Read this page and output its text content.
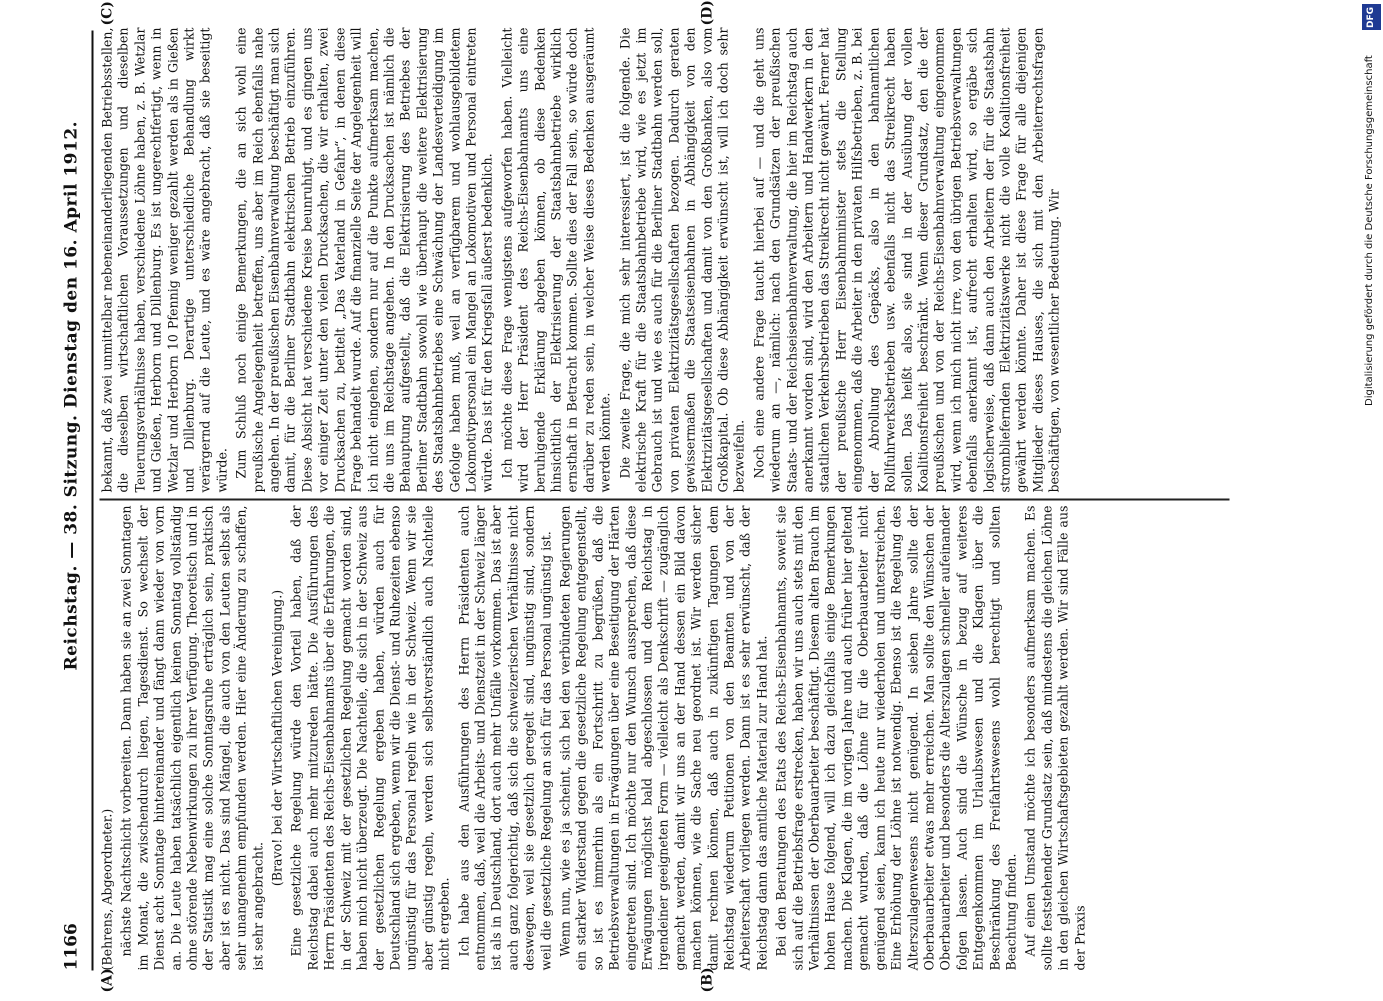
1166
Reichstag. — 38. Sitzung. Dienstag den 16. April 1912.
(A)	(B)
(C)	(D)

(Behrens, Abgeordneter.) nächste Nachtschicht vorbereiten. Dann haben sie an zwei Sonntagen im Monat, die zwischendurch liegen, Tagesdienst. So wechselt der Dienst acht Sonntage hintereinander und fängt dann wieder von vorn an. Die Leute haben tatsächlich eigentlich keinen Sonntag vollständig ohne störende Nebenwirkungen zu ihrer Verfügung. Theoretisch und in der Statistik mag eine solche Sonntagsruhe erträglich sein, praktisch aber ist es nicht. Das sind Mängel, die auch von den Leuten selbst als sehr unangenehm empfunden werden. Hier eine Änderung zu schaffen, ist sehr angebracht.

(Bravo! bei der Wirtschaftlichen Vereinigung.) Eine gesetzliche Regelung würde den Vorteil haben, daß der Reichstag dabei auch mehr mitzureden hätte. Die Ausführungen des Herrn Präsidenten des Reichs-Eisenbahnamts über die Erfahrungen, die in der Schweiz mit der gesetzlichen Regelung gemacht worden sind, haben mich nicht überzeugt. Die Nachteile, die sich in der Schweiz aus der gesetzlichen Regelung ergeben haben, würden auch für Deutschland sich ergeben, wenn wir die Dienst- und Ruhezeiten ebenso ungünstig für das Personal regeln wie in der Schweiz. Wenn wir sie aber günstig regeln, werden sich selbstverständlich auch Nachteile nicht ergeben. Ich habe aus den Ausführungen des Herrn Präsidenten auch entnommen, daß, weil die Arbeits- und Dienstzeit in der Schweiz länger ist als in Deutschland, dort auch mehr Unfälle vorkommen. Das ist aber auch ganz folgerichtig, daß sich die schweizerischen Verhältnisse nicht deswegen, weil sie gesetzlich geregelt sind, ungünstig sind, sondern weil die gesetzliche Regelung an sich für das Personal ungünstig ist. Wenn nun, wie es ja scheint, sich bei den verbündeten Regierungen ein starker Widerstand gegen die gesetzliche Regelung entgegenstellt, so ist es immerhin als ein Fortschritt zu begrüßen, daß die Betriebsverwaltungen in Erwägungen über eine Beseitigung der Härten eingetreten sind. Ich möchte nur den Wunsch aussprechen, daß diese Erwägungen möglichst bald abgeschlossen und dem Reichstag in irgendeiner geeigneten Form — vielleicht als Denkschrift — zugänglich gemacht werden, damit wir uns an der Hand dessen ein Bild davon machen können, wie die Sache neu geordnet ist. Wir werden sicher damit rechnen können, daß auch in zukünftigen Tagungen dem Reichstag wiederum Petitionen von den Beamten und von der Arbeiterschaft vorliegen werden. Dann ist es sehr erwünscht, daß der Reichstag dann das amtliche Material zur Hand hat. Bei den Beratungen des Etats des Reichs-Eisenbahnamts, soweit sie sich auf die Betriebsfrage erstrecken, haben wir uns auch stets mit den Verhältnissen der Oberbauarbeiter beschäftigt. Diesem alten Brauch im hohen Hause folgend, will ich dazu gleichfalls einige Bemerkungen machen. Die Klagen, die im vorigen Jahre und auch früher hier geltend gemacht wurden, daß die Löhne für die Oberbauarbeiter nicht genügend seien, kann ich heute nur wiederholen und unterstreichen. Eine Erhöhung der Löhne ist notwendig. Ebenso ist die Regelung des Alterszulagenwesens nicht genügend. In sieben Jahre sollte der Oberbauarbeiter etwas mehr erreichen. Man sollte den Wünschen der Oberbauarbeiter und besonders die Alterszulagen schneller aufeinander folgen lassen. Auch sind die Wünsche in bezug auf weiteres Entgegenkommen im Urlaubswesen und die Klagen über die Beschränkung des Freifahrtswesens wohl berechtigt und sollten Beachtung finden. Auf einen Umstand möchte ich besonders aufmerksam machen. Es sollte feststehender Grundsatz sein, daß mindestens die gleichen Löhne in den gleichen Wirtschaftsgebieten gezahlt werden. Wir sind Fälle aus der Praxis

bekannt, daß zwei unmittelbar nebeneinanderliegenden Betriebsstellen, die dieselben wirtschaftlichen Voraussetzungen und dieselben Teuerungsverhältnisse haben, verschiedene Löhne haben, z. B. Wetzlar und Gießen, Herborn und Dillenburg. Es ist ungerechtfertigt, wenn in Wetzlar und Herborn 10 Pfennig weniger gezahlt werden als in Gießen und Dillenburg. Derartige unterschiedliche Behandlung wirkt verärgernd auf die Leute, und es wäre angebracht, daß sie beseitigt würde. Zum Schluß noch einige Bemerkungen, die an sich wohl eine preußische Angelegenheit betreffen, uns aber im Reich ebenfalls nahe angehen. In der preußischen Eisenbahnverwaltung beschäftigt man sich damit, für die Berliner Stadtbahn elektrischen Betrieb einzuführen. Diese Absicht hat verschiedene Kreise beunruhigt, und es gingen uns vor einiger Zeit unter den vielen Drucksachen, die wir erhalten, zwei Drucksachen zu, betitelt „Das Vaterland in Gefahr“, in denen diese Frage behandelt wurde. Auf die finanzielle Seite der Angelegenheit will ich nicht eingehen, sondern nur auf die Punkte aufmerksam machen, die uns im Reichstage angehen. In den Drucksachen ist nämlich die Behauptung aufgestellt, daß die Elektrisierung des Betriebes der Berliner Stadtbahn sowohl wie überhaupt die weitere Elektrisierung des Staatsbahnbetriebes eine Schwächung der Landesverteidigung im Gefolge haben muß, weil an verfügbarem und wohlausgebildetem Lokomotivpersonal ein Mangel an Lokomotiven und Personal eintreten würde. Das ist für den Kriegsfall äußerst bedenklich. Ich möchte diese Frage wenigstens aufgeworfen haben. Vielleicht wird der Herr Präsident des Reichs-Eisenbahnamts uns eine beruhigende Erklärung abgeben können, ob diese Bedenken hinsichtlich der Elektrisierung der Staatsbahnbetriebe wirklich ernsthaft in Betracht kommen. Sollte dies der Fall sein, so würde doch darüber zu reden sein, in welcher Weise dieses Bedenken ausgeräumt werden könnte. Die zweite Frage, die mich sehr interessiert, ist die folgende. Die elektrische Kraft für die Staatsbahnbetriebe wird, wie es jetzt im Gebrauch ist und wie es auch für die Berliner Stadtbahn werden soll, von privaten Elektrizitätsgesellschaften bezogen. Dadurch geraten gewissermaßen die Staatseisenbahnen in Abhängigkeit von den Elektrizitätsgesellschaften und damit von den Großbanken, also vom Großkapital. Ob diese Abhängigkeit erwünscht ist, will ich doch sehr bezweifeln. Noch eine andere Frage taucht hierbei auf — und die geht uns wiederum an —, nämlich: nach den Grundsätzen der preußischen Staats- und der Reichseisenbahnverwaltung, die hier im Reichstag auch anerkannt worden sind, wird den Arbeitern und Handwerkern in den staatlichen Verkehrsbetrieben das Streikrecht nicht gewährt. Ferner hat der preußische Herr Eisenbahnminister stets die Stellung eingenommen, daß die Arbeiter in den privaten Hilfsbetrieben, z. B. bei der Abrollung des Gepäcks, also in den bahnamtlichen Rollfuhrwerksbetrieben usw. ebenfalls nicht das Streikrecht haben sollen. Das heißt also, sie sind in der Ausübung der vollen Koalitionsfreiheit beschränkt. Wenn dieser Grundsatz, den die der preußischen und von der Reichs-Eisenbahnverwaltung eingenommen wird, wenn ich mich nicht irre, von den übrigen Betriebsverwaltungen ebenfalls anerkannt ist, aufrecht erhalten wird, so ergäbe sich logischerweise, daß dann auch den Arbeitern der für die Staatsbahn strombliefernden Elektrizitätswerke nicht die volle Koalitionsfreiheit gewährt werden könnte. Daher ist diese Frage für alle diejenigen Mitglieder dieses Hauses, die sich mit den Arbeiterrechtsfragen beschäftigen, von wesentlicher Bedeutung. Wir

DFG
Digitalisierung gefördert durch die Deutsche Forschungsgemeinschaft
